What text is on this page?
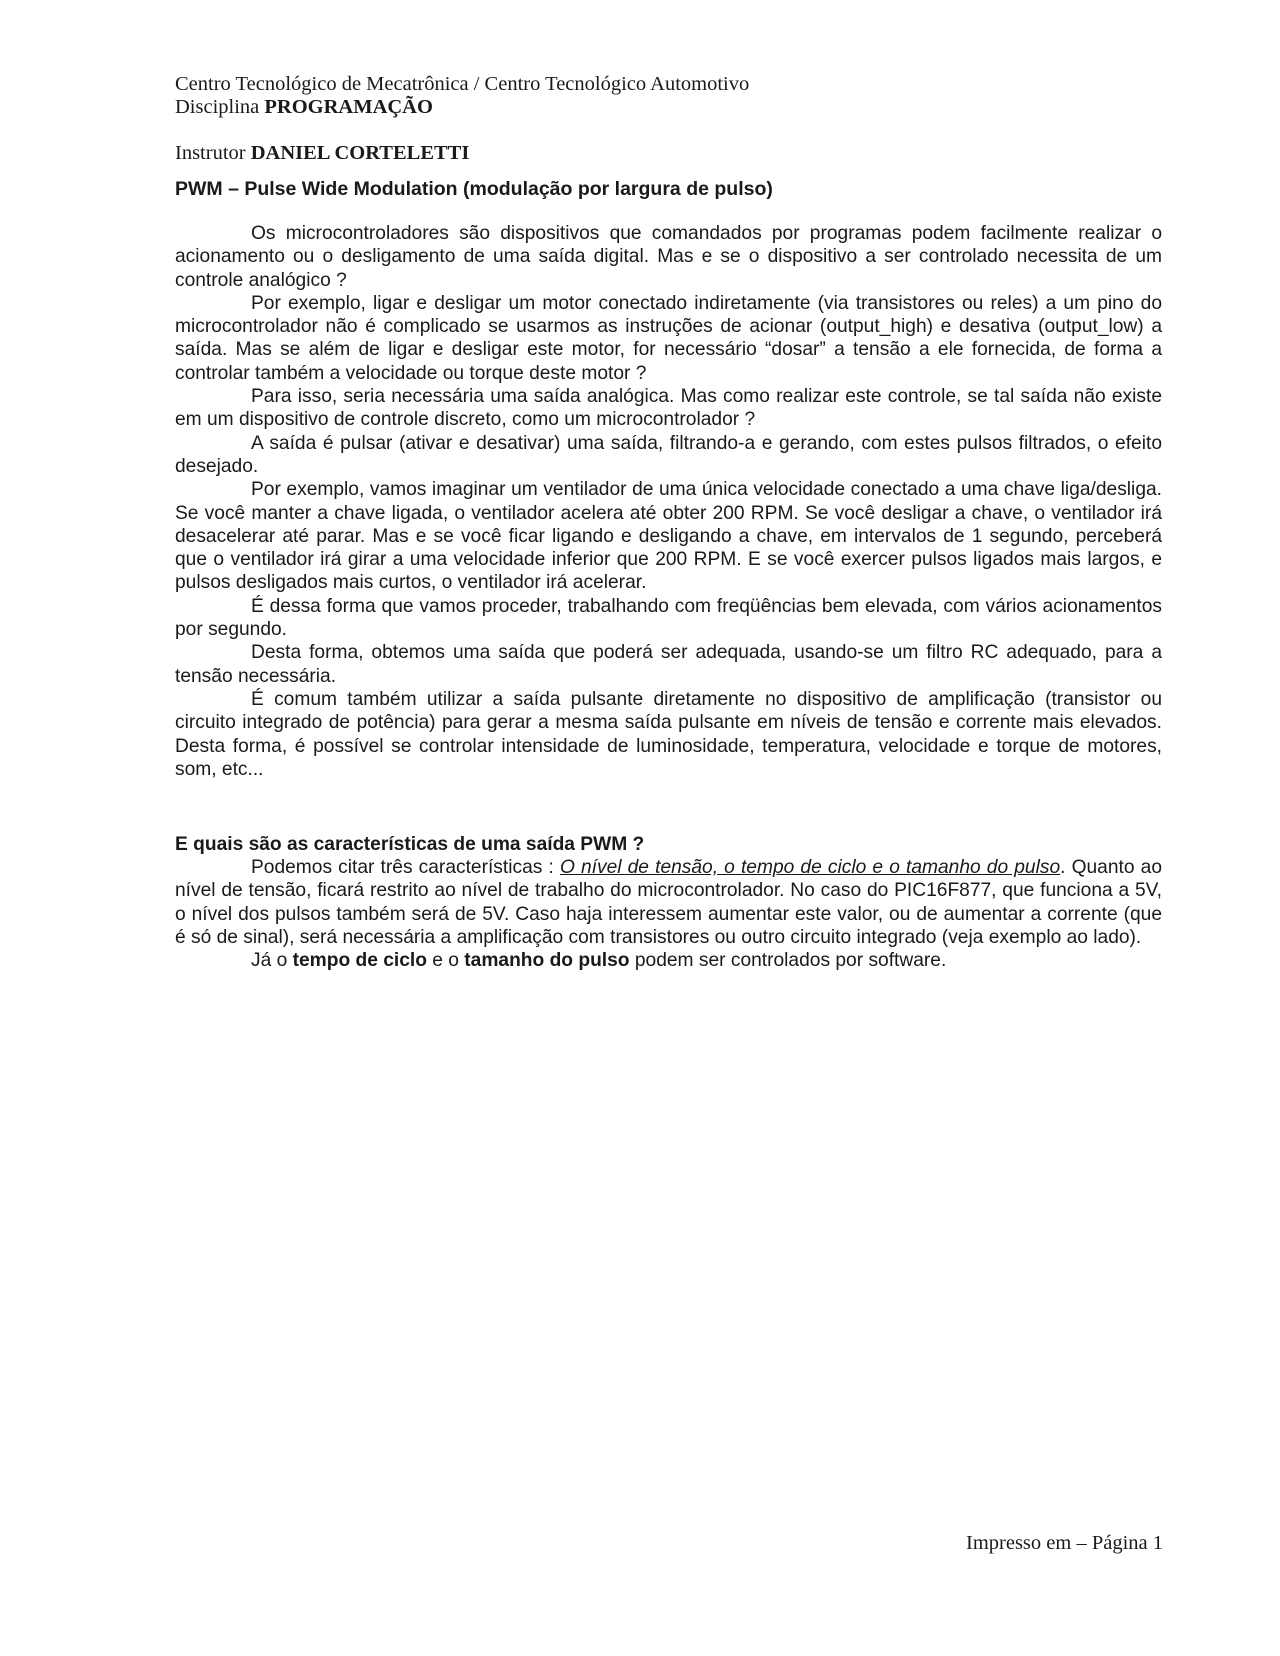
Centro Tecnológico de Mecatrônica / Centro Tecnológico Automotivo
Disciplina PROGRAMAÇÃO
Instrutor DANIEL CORTELETTI
PWM – Pulse Wide Modulation (modulação por largura de pulso)

Os microcontroladores são dispositivos que comandados por programas podem facilmente realizar o acionamento ou o desligamento de uma saída digital. Mas e se o dispositivo a ser controlado necessita de um controle analógico ?

Por exemplo, ligar e desligar um motor conectado indiretamente (via transistores ou reles) a um pino do microcontrolador não é complicado se usarmos as instruções de acionar (output_high) e desativa (output_low) a saída. Mas se além de ligar e desligar este motor, for necessário “dosar” a tensão a ele fornecida, de forma a controlar também a velocidade ou torque deste motor ?

Para isso, seria necessária uma saída analógica. Mas como realizar este controle, se tal saída não existe em um dispositivo de controle discreto, como um microcontrolador ?

A saída é pulsar (ativar e desativar) uma saída, filtrando-a e gerando, com estes pulsos filtrados, o efeito desejado.

Por exemplo, vamos imaginar um ventilador de uma única velocidade conectado a uma chave liga/desliga. Se você manter a chave ligada, o ventilador acelera até obter 200 RPM. Se você desligar a chave, o ventilador irá desacelerar até parar. Mas e se você ficar ligando e desligando a chave, em intervalos de 1 segundo, perceberá que o ventilador irá girar a uma velocidade inferior que 200 RPM. E se você exercer pulsos ligados mais largos, e pulsos desligados mais curtos, o ventilador irá acelerar.

É dessa forma que vamos proceder, trabalhando com freqüências bem elevada, com vários acionamentos por segundo.

Desta forma, obtemos uma saída que poderá ser adequada, usando-se um filtro RC adequado, para a tensão necessária.

É comum também utilizar a saída pulsante diretamente no dispositivo de amplificação (transistor ou circuito integrado de potência) para gerar a mesma saída pulsante em níveis de tensão e corrente mais elevados. Desta forma, é possível se controlar intensidade de luminosidade, temperatura, velocidade e torque de motores, som, etc...

E quais são as características de uma saída PWM ?

Podemos citar três características : O nível de tensão, o tempo de ciclo e o tamanho do pulso. Quanto ao nível de tensão, ficará restrito ao nível de trabalho do microcontrolador. No caso do PIC16F877, que funciona a 5V, o nível dos pulsos também será de 5V. Caso haja interessem aumentar este valor, ou de aumentar a corrente (que é só de sinal), será necessária a amplificação com transistores ou outro circuito integrado (veja exemplo ao lado).

Já o tempo de ciclo e o tamanho do pulso podem ser controlados por software.

Impresso em – Página 1
